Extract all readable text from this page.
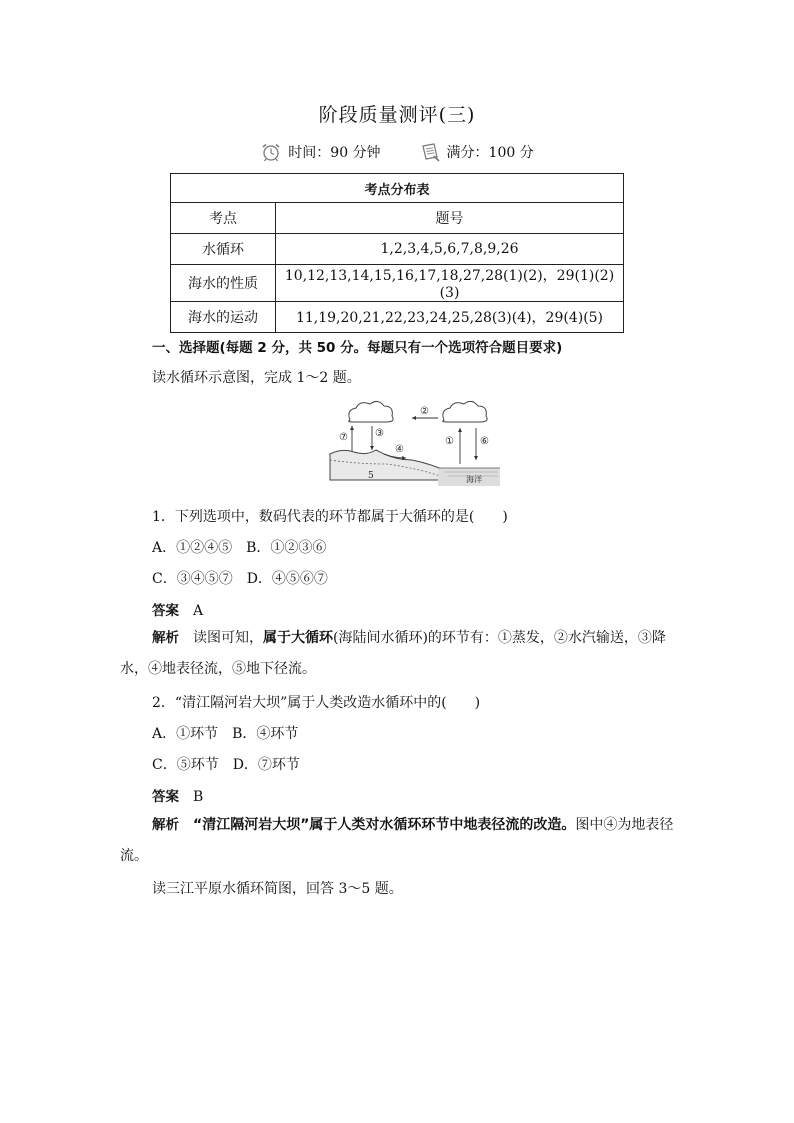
阶段质量测评(三)
时间：90 分钟	满分：100 分
考点分布表	
考点	题号
水循环	1,2,3,4,5,6,7,8,9,26
海水的性质	10,12,13,14,15,16,17,18,27,28(1)(2)，29(1)(2)(3)
海水的运动	11,19,20,21,22,23,24,25,28(3)(4)，29(4)(5)
一、选择题(每题 2 分，共 50 分。每题只有一个选项符合题目要求)
读水循环示意图，完成 1～2 题。
②
⑦	③
④
①	⑥
5	海洋
1．下列选项中，数码代表的环节都属于大循环的是(　　)
A．①②④⑤　B．①②③⑥
C．③④⑤⑦　D．④⑤⑥⑦
答案 A
解析 读图可知，属于大循环(海陆间水循环)的环节有：①蒸发，②水汽输送，③降水，④地表径流，⑤地下径流。
2．“清江隔河岩大坝”属于人类改造水循环中的(　　)
A．①环节　B．④环节
C．⑤环节　D．⑦环节
答案 B
解析 “清江隔河岩大坝”属于人类对水循环环节中地表径流的改造。图中④为地表径流。
读三江平原水循环简图，回答 3～5 题。
